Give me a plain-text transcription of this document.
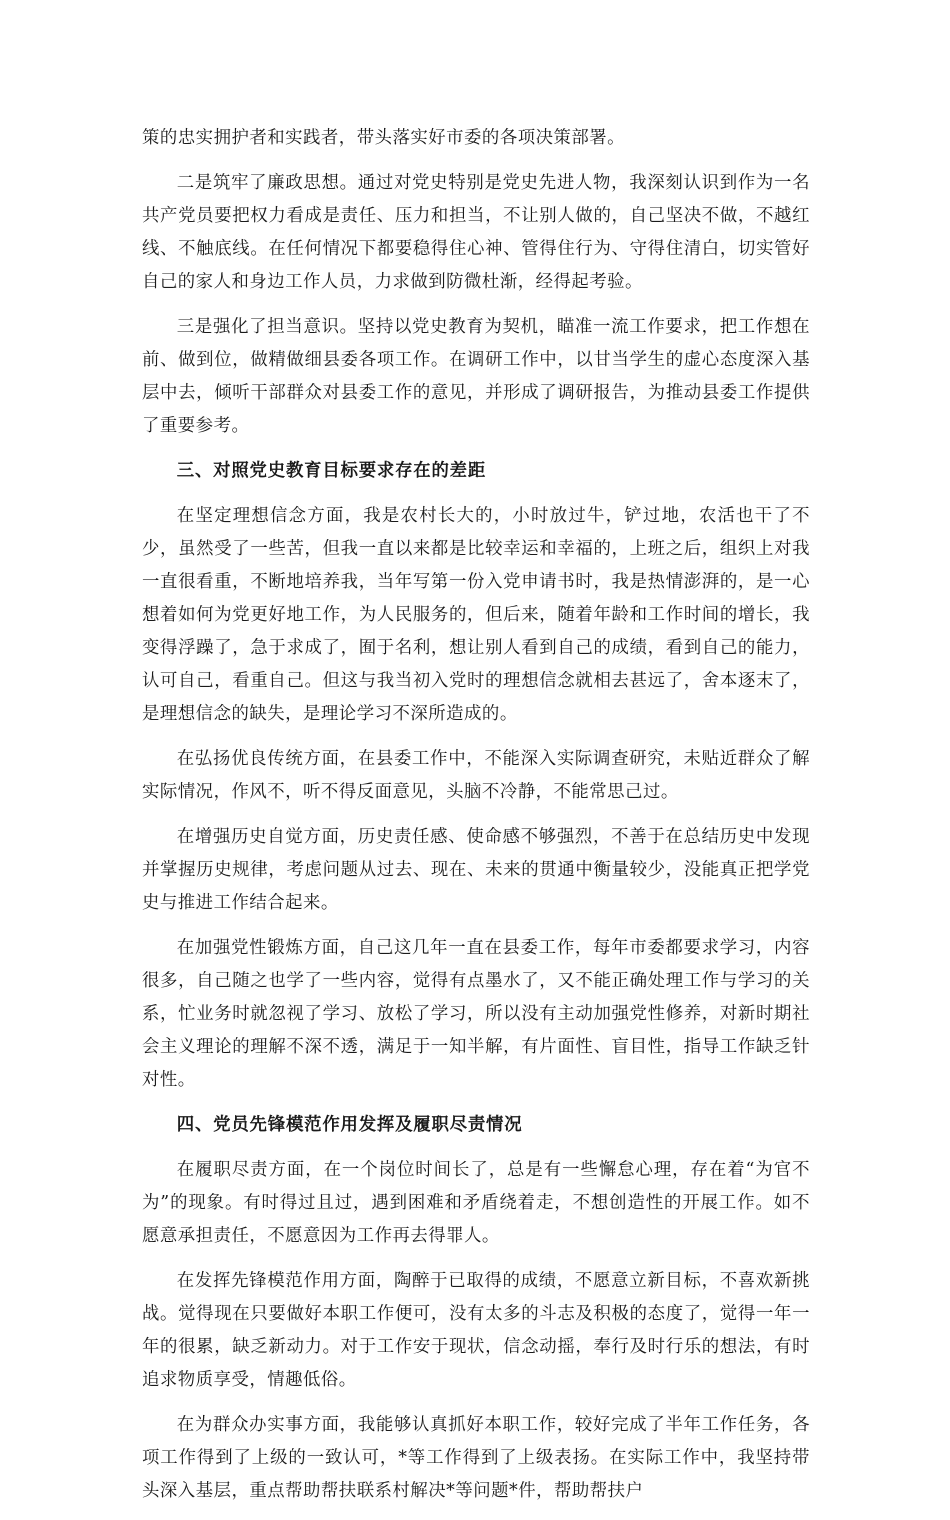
策的忠实拥护者和实践者，带头落实好市委的各项决策部署。

二是筑牢了廉政思想。通过对党史特别是党史先进人物，我深刻认识到作为一名共产党员要把权力看成是责任、压力和担当，不让别人做的，自己坚决不做，不越红线、不触底线。在任何情况下都要稳得住心神、管得住行为、守得住清白，切实管好自己的家人和身边工作人员，力求做到防微杜渐，经得起考验。

三是强化了担当意识。坚持以党史教育为契机，瞄准一流工作要求，把工作想在前、做到位，做精做细县委各项工作。在调研工作中，以甘当学生的虚心态度深入基层中去，倾听干部群众对县委工作的意见，并形成了调研报告，为推动县委工作提供了重要参考。

三、对照党史教育目标要求存在的差距

在坚定理想信念方面，我是农村长大的，小时放过牛，铲过地，农活也干了不少，虽然受了一些苦，但我一直以来都是比较幸运和幸福的，上班之后，组织上对我一直很看重，不断地培养我，当年写第一份入党申请书时，我是热情澎湃的，是一心想着如何为党更好地工作，为人民服务的，但后来，随着年龄和工作时间的增长，我变得浮躁了，急于求成了，囿于名利，想让别人看到自己的成绩，看到自己的能力，认可自己，看重自己。但这与我当初入党时的理想信念就相去甚远了，舍本逐末了，是理想信念的缺失，是理论学习不深所造成的。

在弘扬优良传统方面，在县委工作中，不能深入实际调查研究，未贴近群众了解实际情况，作风不，听不得反面意见，头脑不冷静，不能常思己过。

在增强历史自觉方面，历史责任感、使命感不够强烈，不善于在总结历史中发现并掌握历史规律，考虑问题从过去、现在、未来的贯通中衡量较少，没能真正把学党史与推进工作结合起来。

在加强党性锻炼方面，自己这几年一直在县委工作，每年市委都要求学习，内容很多，自己随之也学了一些内容，觉得有点墨水了，又不能正确处理工作与学习的关系，忙业务时就忽视了学习、放松了学习，所以没有主动加强党性修养，对新时期社会主义理论的理解不深不透，满足于一知半解，有片面性、盲目性，指导工作缺乏针对性。

四、党员先锋模范作用发挥及履职尽责情况

在履职尽责方面，在一个岗位时间长了，总是有一些懈怠心理，存在着“为官不为”的现象。有时得过且过，遇到困难和矛盾绕着走，不想创造性的开展工作。如不愿意承担责任，不愿意因为工作再去得罪人。

在发挥先锋模范作用方面，陶醉于已取得的成绩，不愿意立新目标，不喜欢新挑战。觉得现在只要做好本职工作便可，没有太多的斗志及积极的态度了，觉得一年一年的很累，缺乏新动力。对于工作安于现状，信念动摇，奉行及时行乐的想法，有时追求物质享受，情趣低俗。

在为群众办实事方面，我能够认真抓好本职工作，较好完成了半年工作任务，各项工作得到了上级的一致认可，*等工作得到了上级表扬。在实际工作中，我坚持带头深入基层，重点帮助帮扶联系村解决*等问题*件，帮助帮扶户
